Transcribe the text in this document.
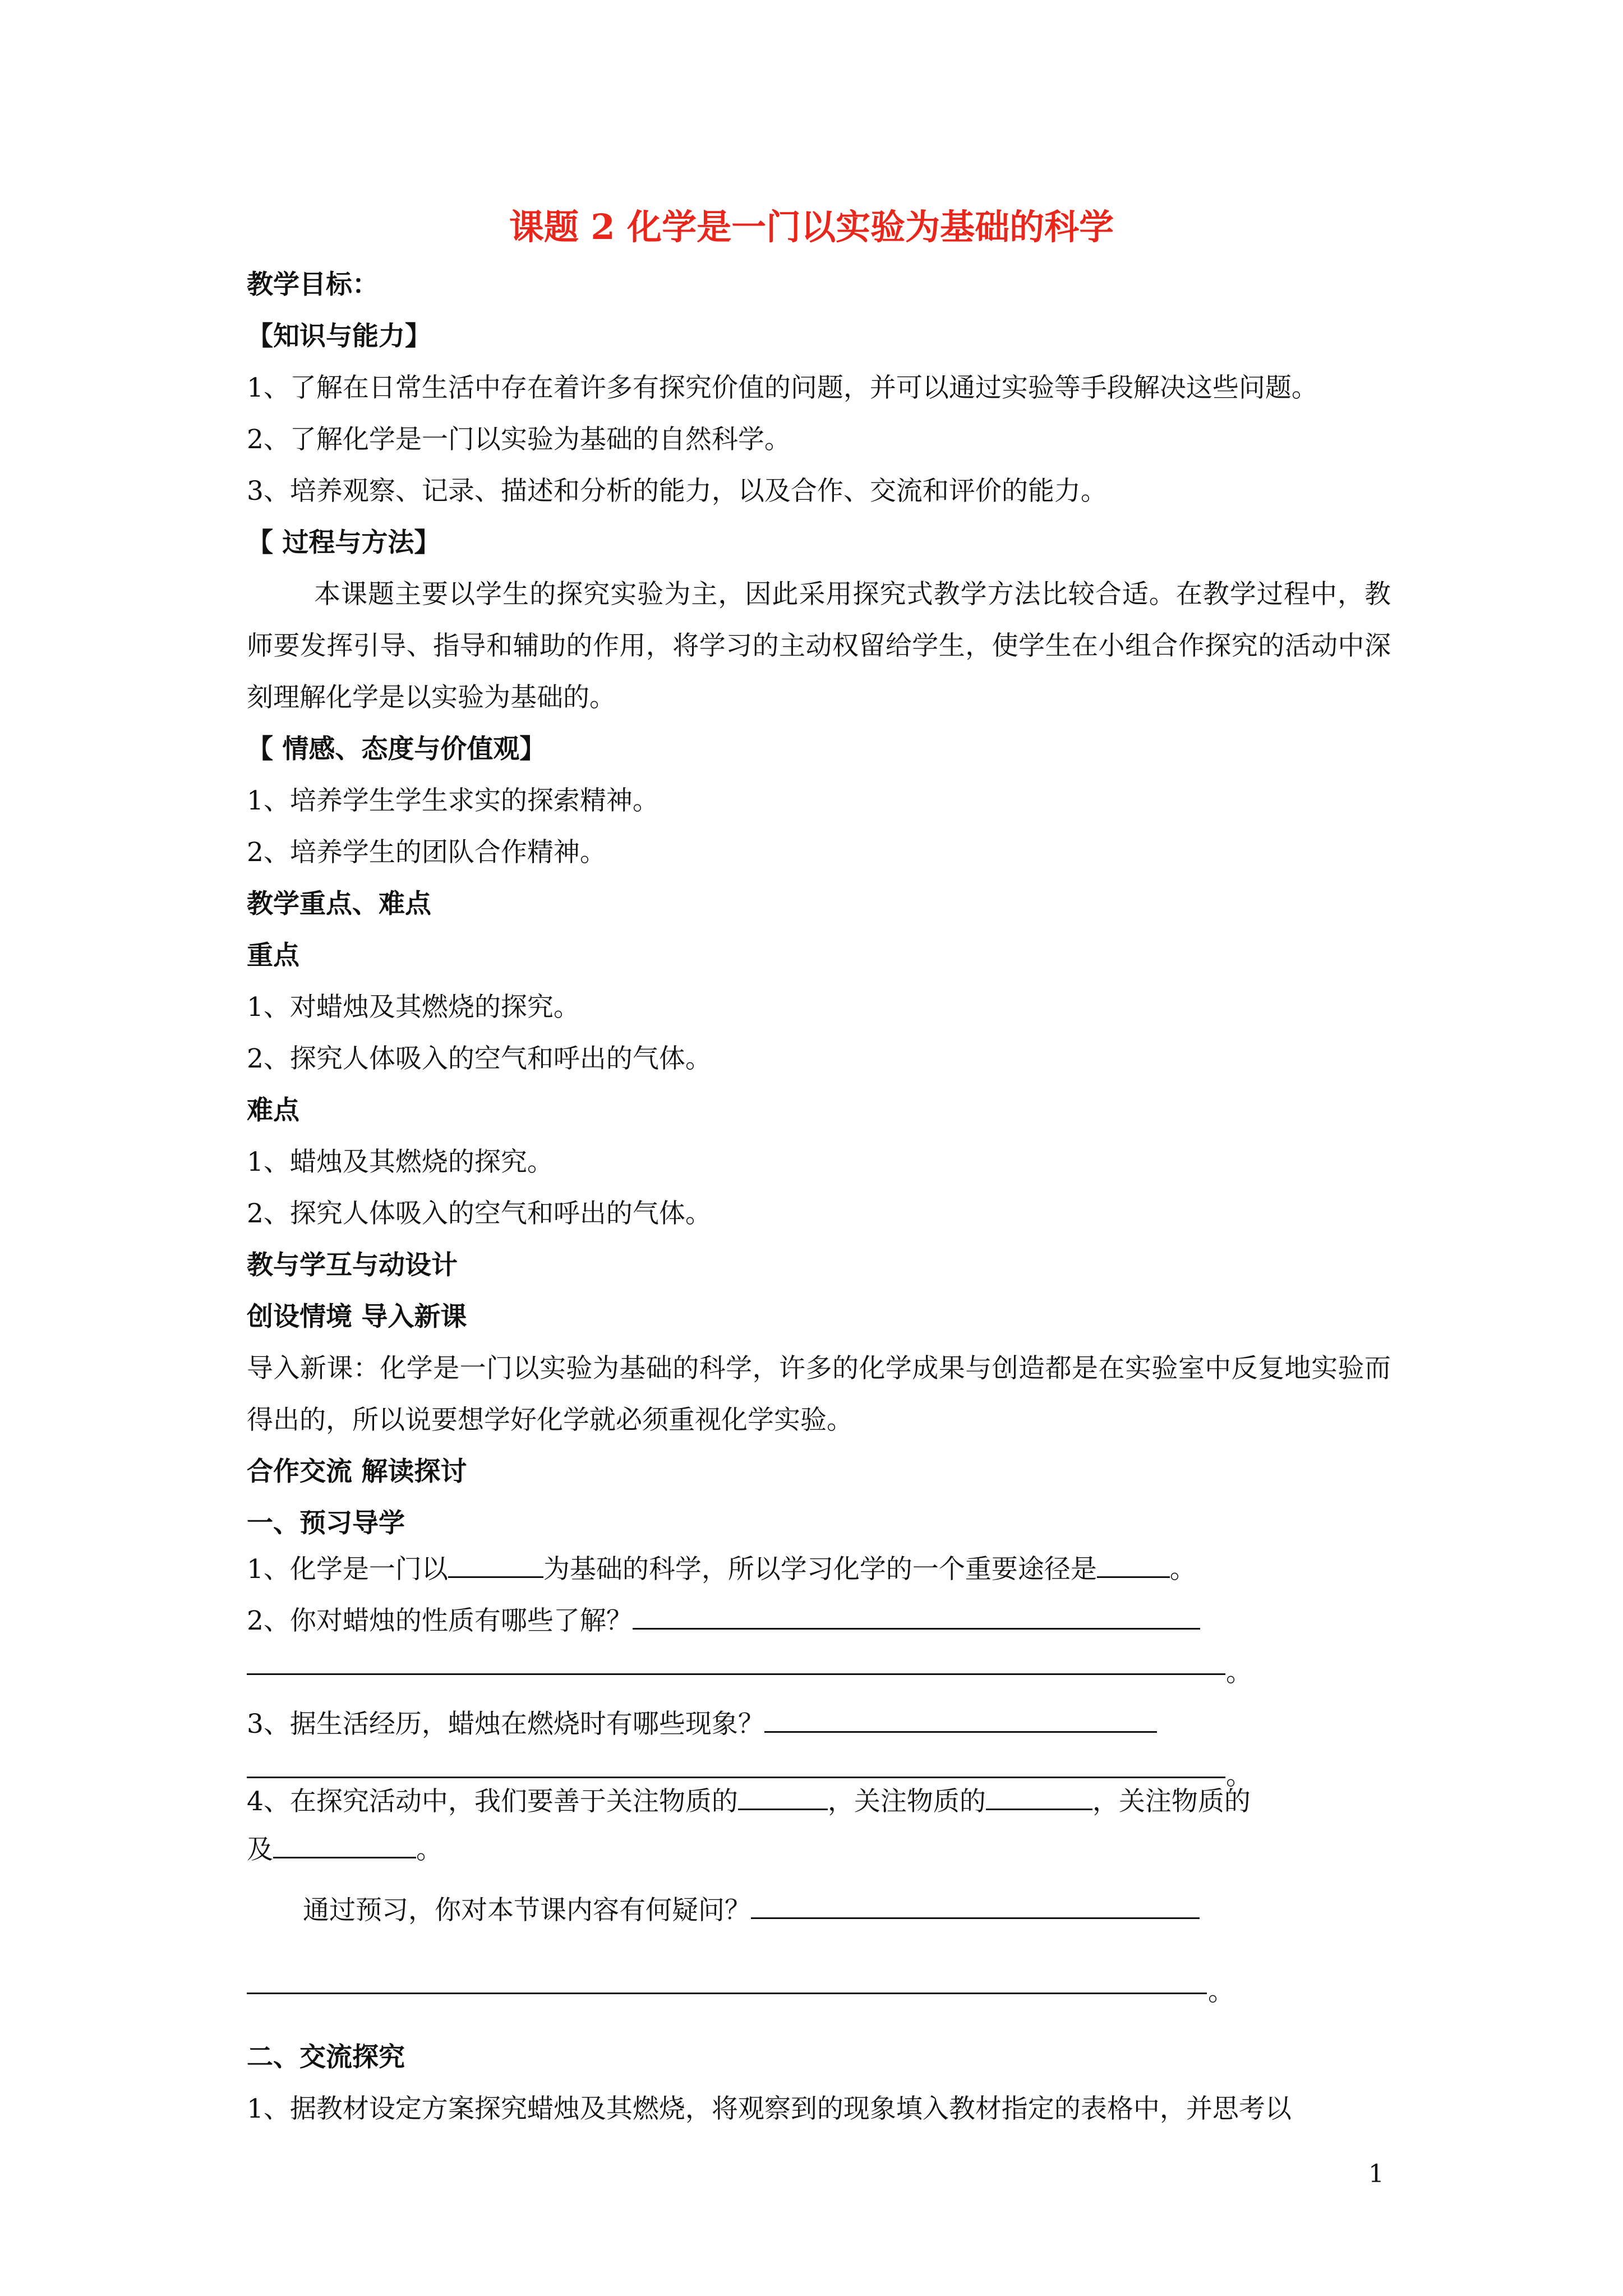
课题 2 化学是一门以实验为基础的科学
教学目标：
【知识与能力】
1、了解在日常生活中存在着许多有探究价值的问题，并可以通过实验等手段解决这些问题。
2、了解化学是一门以实验为基础的自然科学。
3、培养观察、记录、描述和分析的能力，以及合作、交流和评价的能力。
【 过程与方法】
本课题主要以学生的探究实验为主，因此采用探究式教学方法比较合适。在教学过程中，教师要发挥引导、指导和辅助的作用，将学习的主动权留给学生，使学生在小组合作探究的活动中深刻理解化学是以实验为基础的。
【 情感、态度与价值观】
1、培养学生学生求实的探索精神。
2、培养学生的团队合作精神。
教学重点、难点
重点
1、对蜡烛及其燃烧的探究。
2、探究人体吸入的空气和呼出的气体。
难点
1、蜡烛及其燃烧的探究。
2、探究人体吸入的空气和呼出的气体。
教与学互与动设计
创设情境 导入新课
导入新课：化学是一门以实验为基础的科学，许多的化学成果与创造都是在实验室中反复地实验而得出的，所以说要想学好化学就必须重视化学实验。
合作交流 解读探讨
一、预习导学
1、化学是一门以	为基础的科学，所以学习化学的一个重要途径是	。
2、你对蜡烛的性质有哪些了解？
。
3、据生活经历，蜡烛在燃烧时有哪些现象？
。
4、在探究活动中，我们要善于关注物质的	，关注物质的	，关注物质的
及	。
通过预习，你对本节课内容有何疑问？
。
二、交流探究
1、据教材设定方案探究蜡烛及其燃烧，将观察到的现象填入教材指定的表格中，并思考以
1
